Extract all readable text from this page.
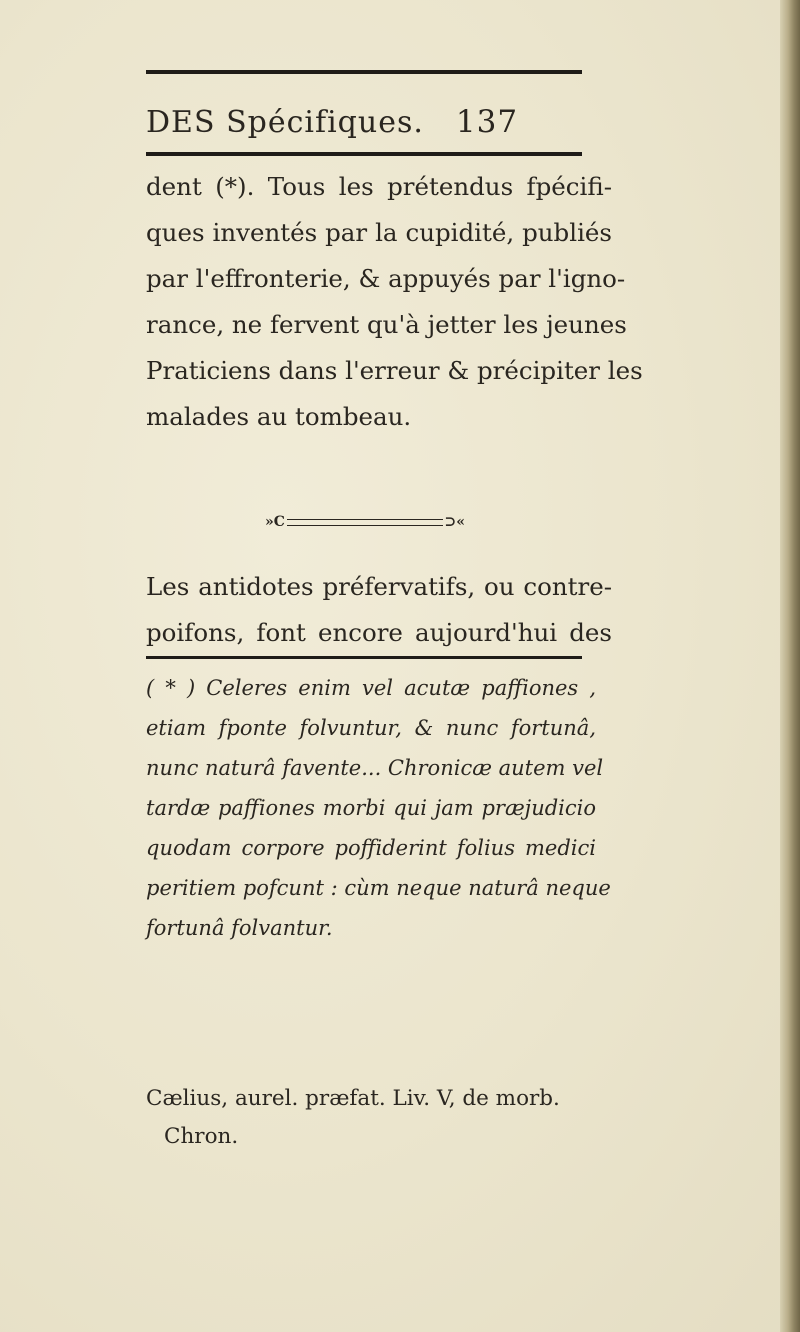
DES Spécifiques. 137

dent (*). Tous les prétendus fpécifi-
ques inventés par la cupidité, publiés
par l'effronterie, & appuyés par l'igno-
rance, ne fervent qu'à jetter les jeunes
Praticiens dans l'erreur & précipiter les
malades au tombeau.

»C	⊃«

Les antidotes préfervatifs, ou contre-
poifons, font encore aujourd'hui des

( * ) Celeres enim vel acutæ paffiones ,
etiam fponte folvuntur, & nunc fortunâ,
nunc naturâ favente... Chronicæ autem vel
tardæ paffiones morbi qui jam præjudicio
quodam corpore poffiderint folius medici
peritiem pofcunt : cùm neque naturâ neque
fortunâ folvantur.

Cælius, aurel. præfat. Liv. V, de morb.
Chron.
